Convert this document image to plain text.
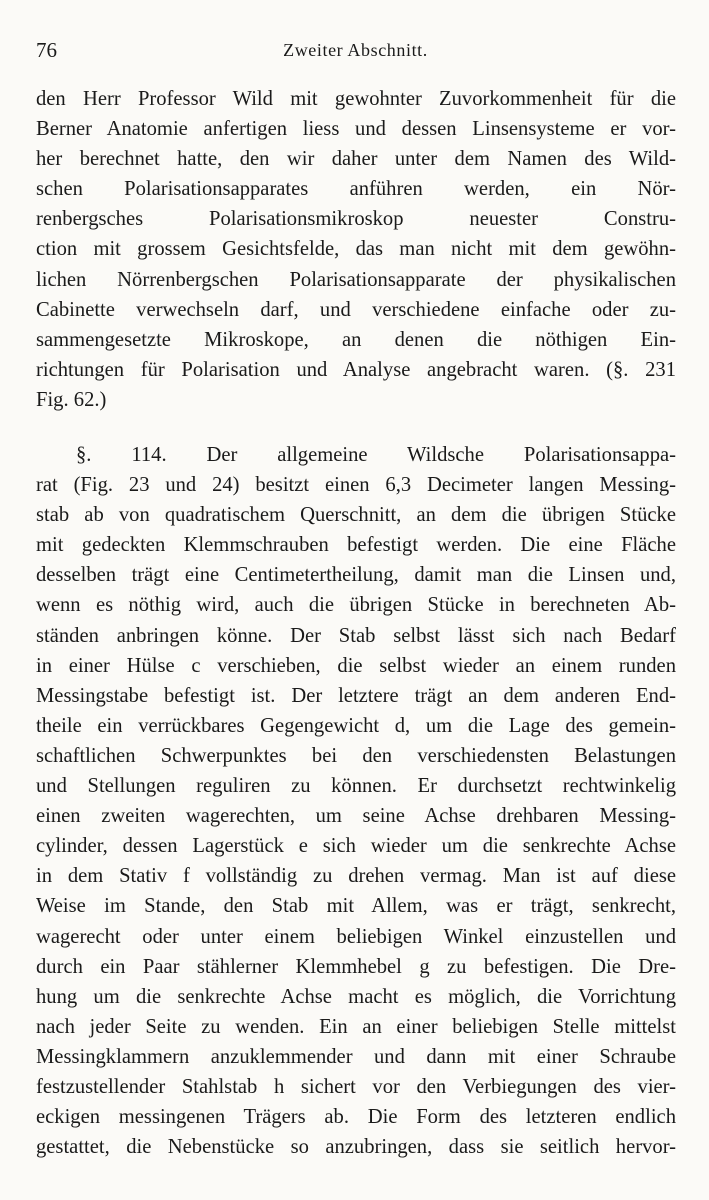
76	Zweiter Abschnitt.
den Herr Professor Wild mit gewohnter Zuvorkommenheit für die
Berner Anatomie anfertigen liess und dessen Linsensysteme er vor-
her berechnet hatte, den wir daher unter dem Namen des Wild-
schen Polarisationsapparates anführen werden, ein Nör-
renbergsches Polarisationsmikroskop neuester Constru-
ction mit grossem Gesichtsfelde, das man nicht mit dem gewöhn-
lichen Nörrenbergschen Polarisationsapparate der physikalischen
Cabinette verwechseln darf, und verschiedene einfache oder zu-
sammengesetzte Mikroskope, an denen die nöthigen Ein-
richtungen für Polarisation und Analyse angebracht waren. (§. 231
Fig. 62.)
§. 114. Der allgemeine Wildsche Polarisationsappa-
rat (Fig. 23 und 24) besitzt einen 6,3 Decimeter langen Messing-
stab ab von quadratischem Querschnitt, an dem die übrigen Stücke
mit gedeckten Klemmschrauben befestigt werden. Die eine Fläche
desselben trägt eine Centimetertheilung, damit man die Linsen und,
wenn es nöthig wird, auch die übrigen Stücke in berechneten Ab-
ständen anbringen könne. Der Stab selbst lässt sich nach Bedarf
in einer Hülse c verschieben, die selbst wieder an einem runden
Messingstabe befestigt ist. Der letztere trägt an dem anderen End-
theile ein verrückbares Gegengewicht d, um die Lage des gemein-
schaftlichen Schwerpunktes bei den verschiedensten Belastungen
und Stellungen reguliren zu können. Er durchsetzt rechtwinkelig
einen zweiten wagerechten, um seine Achse drehbaren Messing-
cylinder, dessen Lagerstück e sich wieder um die senkrechte Achse
in dem Stativ f vollständig zu drehen vermag. Man ist auf diese
Weise im Stande, den Stab mit Allem, was er trägt, senkrecht,
wagerecht oder unter einem beliebigen Winkel einzustellen und
durch ein Paar stählerner Klemmhebel g zu befestigen. Die Dre-
hung um die senkrechte Achse macht es möglich, die Vorrichtung
nach jeder Seite zu wenden. Ein an einer beliebigen Stelle mittelst
Messingklammern anzuklemmender und dann mit einer Schraube
festzustellender Stahlstab h sichert vor den Verbiegungen des vier-
eckigen messingenen Trägers ab. Die Form des letzteren endlich
gestattet, die Nebenstücke so anzubringen, dass sie seitlich hervor-
